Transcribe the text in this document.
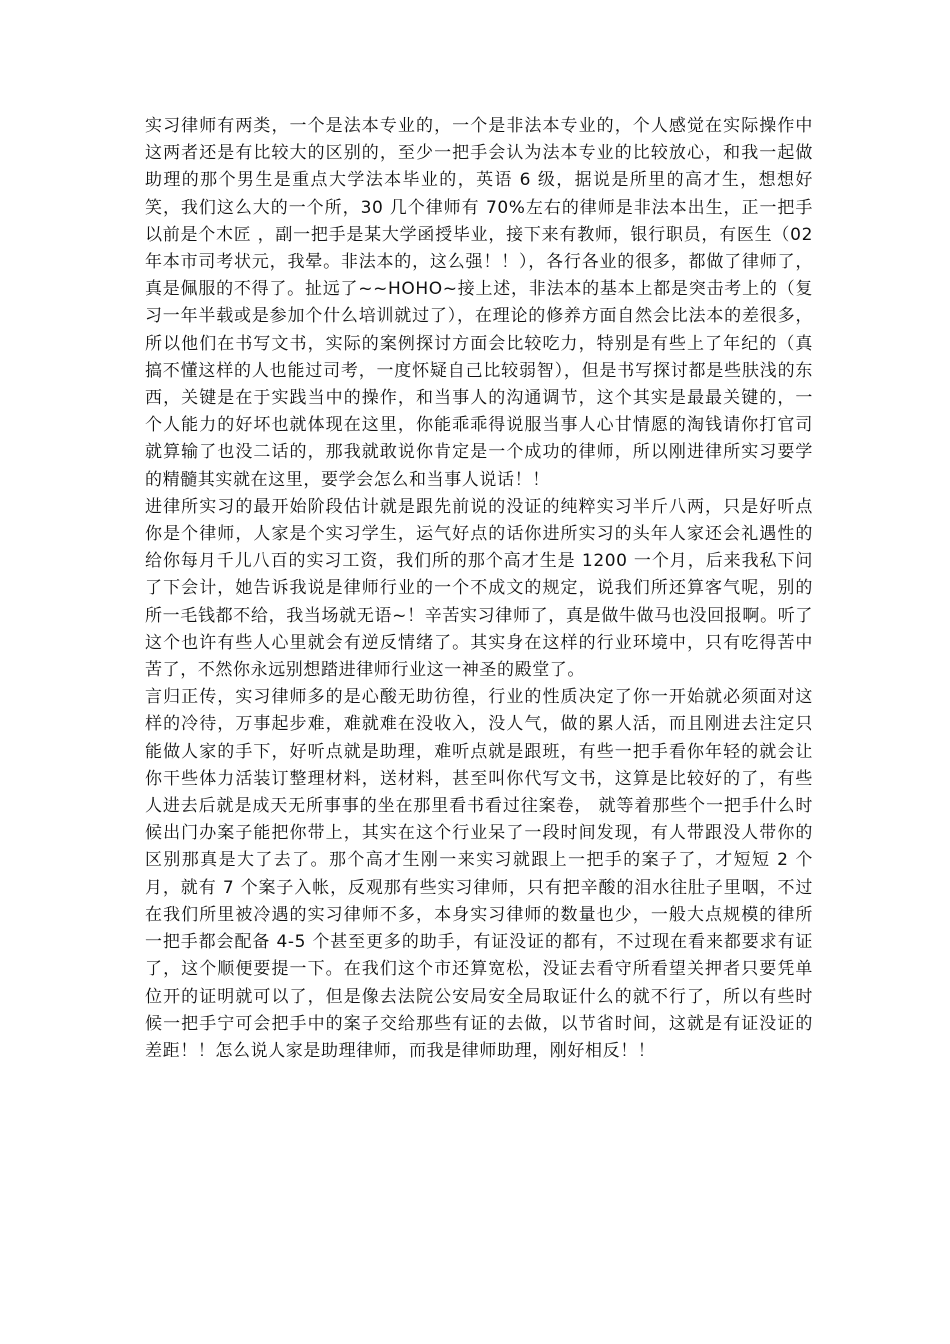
实习律师有两类，一个是法本专业的，一个是非法本专业的，个人感觉在实际操作中这两者还是有比较大的区别的，至少一把手会认为法本专业的比较放心，和我一起做助理的那个男生是重点大学法本毕业的，英语 6 级，据说是所里的高才生，想想好笑，我们这么大的一个所，30 几个律师有 70%左右的律师是非法本出生，正一把手以前是个木匠 ，副一把手是某大学函授毕业，接下来有教师，银行职员，有医生（02 年本市司考状元，我晕。非法本的，这么强！！），各行各业的很多，都做了律师了，真是佩服的不得了。扯远了~~HOHO~接上述，非法本的基本上都是突击考上的（复习一年半载或是参加个什么培训就过了），在理论的修养方面自然会比法本的差很多，所以他们在书写文书，实际的案例探讨方面会比较吃力，特别是有些上了年纪的（真搞不懂这样的人也能过司考，一度怀疑自己比较弱智），但是书写探讨都是些肤浅的东西，关键是在于实践当中的操作，和当事人的沟通调节，这个其实是最最关键的，一个人能力的好坏也就体现在这里，你能乖乖得说服当事人心甘情愿的淘钱请你打官司就算输了也没二话的，那我就敢说你肯定是一个成功的律师，所以刚进律所实习要学的精髓其实就在这里，要学会怎么和当事人说话！！

进律所实习的最开始阶段估计就是跟先前说的没证的纯粹实习半斤八两，只是好听点你是个律师，人家是个实习学生，运气好点的话你进所实习的头年人家还会礼遇性的给你每月千儿八百的实习工资，我们所的那个高才生是 1200 一个月，后来我私下问了下会计，她告诉我说是律师行业的一个不成文的规定，说我们所还算客气呢，别的所一毛钱都不给，我当场就无语~！辛苦实习律师了，真是做牛做马也没回报啊。听了这个也许有些人心里就会有逆反情绪了。其实身在这样的行业环境中，只有吃得苦中苦了，不然你永远别想踏进律师行业这一神圣的殿堂了。

言归正传，实习律师多的是心酸无助彷徨，行业的性质决定了你一开始就必须面对这样的冷待，万事起步难，难就难在没收入，没人气，做的累人活，而且刚进去注定只能做人家的手下，好听点就是助理，难听点就是跟班，有些一把手看你年轻的就会让你干些体力活装订整理材料，送材料，甚至叫你代写文书，这算是比较好的了，有些人进去后就是成天无所事事的坐在那里看书看过往案卷， 就等着那些个一把手什么时候出门办案子能把你带上，其实在这个行业呆了一段时间发现，有人带跟没人带你的区别那真是大了去了。那个高才生刚一来实习就跟上一把手的案子了，才短短 2 个月，就有 7 个案子入帐，反观那有些实习律师，只有把辛酸的泪水往肚子里咽，不过在我们所里被冷遇的实习律师不多，本身实习律师的数量也少，一般大点规模的律所一把手都会配备 4-5 个甚至更多的助手，有证没证的都有，不过现在看来都要求有证了，这个顺便要提一下。在我们这个市还算宽松，没证去看守所看望关押者只要凭单位开的证明就可以了，但是像去法院公安局安全局取证什么的就不行了，所以有些时候一把手宁可会把手中的案子交给那些有证的去做，以节省时间，这就是有证没证的差距！！怎么说人家是助理律师，而我是律师助理，刚好相反！！
